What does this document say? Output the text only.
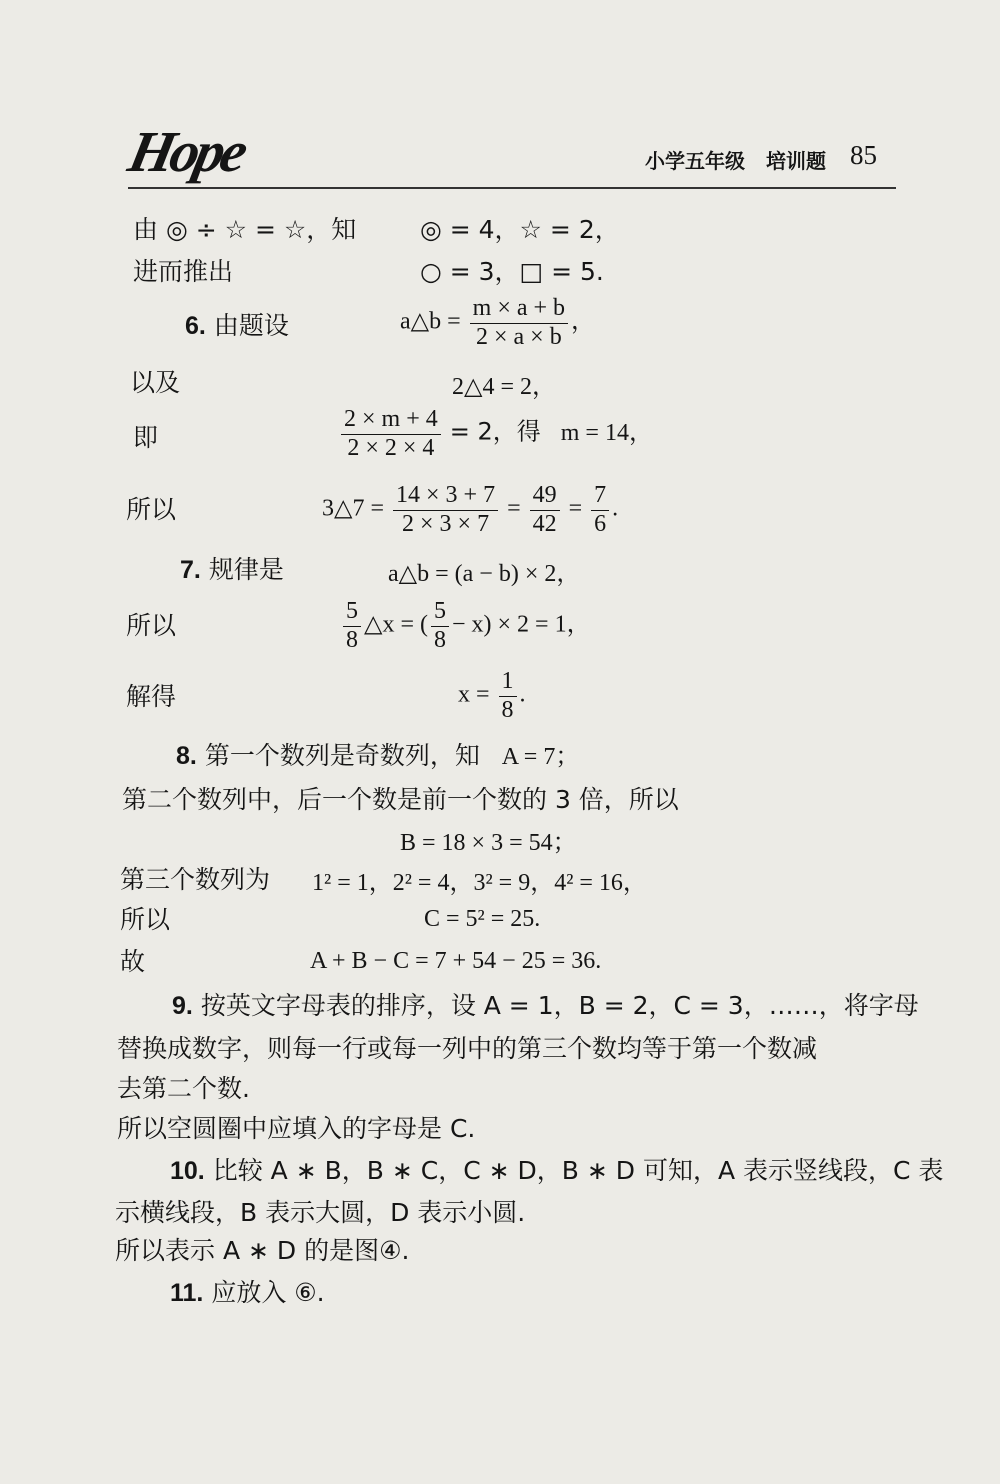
Hope	小学五年级 培训题 85
由 ◎ ÷ ☆ = ☆，知	◎ = 4，☆ = 2，
进而推出	○ = 3，□ = 5.
6. 由题设	a△b = $\frac{m \times a + b}{2 \times a \times b}$ ，
以及	2△4 = 2，
即	$\frac{2 \times m + 4}{2 \times 2 \times 4} = 2$，得 m = 14，
所以	3△7 = $\frac{14 \times 3 + 7}{2 \times 3 \times 7} = \frac{49}{42} = \frac{7}{6}$ .
7. 规律是	a△b = (a − b) × 2，
所以	$\frac{5}{8}$ △x = ( $\frac{5}{8} - x) \times 2 = 1$，
解得	$x = \frac{1}{8}$ .
8. 第一个数列是奇数列，知 A = 7；
第二个数列中，后一个数是前一个数的 3 倍，所以
B = 18 × 3 = 54；
第三个数列为 1² = 1，2² = 4，3² = 9，4² = 16，
所以	C = 5² = 25.
故	A + B − C = 7 + 54 − 25 = 36.
9. 按英文字母表的排序，设 A = 1，B = 2，C = 3，……，将字母
替换成数字，则每一行或每一列中的第三个数均等于第一个数减
去第二个数.
所以空圆圈中应填入的字母是 C.
10. 比较 A ∗ B，B ∗ C，C ∗ D，B ∗ D 可知，A 表示竖线段，C 表
示横线段，B 表示大圆，D 表示小圆.
所以表示 A ∗ D 的是图④.
11. 应放入 ⑥.
